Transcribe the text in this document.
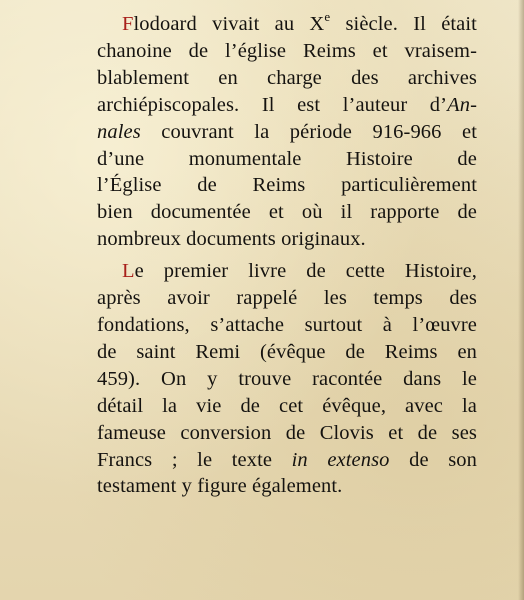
Flodoard vivait au Xe siècle. Il était
chanoine de l’église Reims et vraisem-
blablement en charge des archives
archiépiscopales. Il est l’auteur d’An-
nales couvrant la période 916-966 et
d’une monumentale Histoire de
l’Église de Reims particulièrement
bien documentée et où il rapporte de
nombreux documents originaux.

Le premier livre de cette Histoire,
après avoir rappelé les temps des
fondations, s’attache surtout à l’œuvre
de saint Remi (évêque de Reims en
459). On y trouve racontée dans le
détail la vie de cet évêque, avec la
fameuse conversion de Clovis et de ses
Francs ; le texte in extenso de son
testament y figure également.
